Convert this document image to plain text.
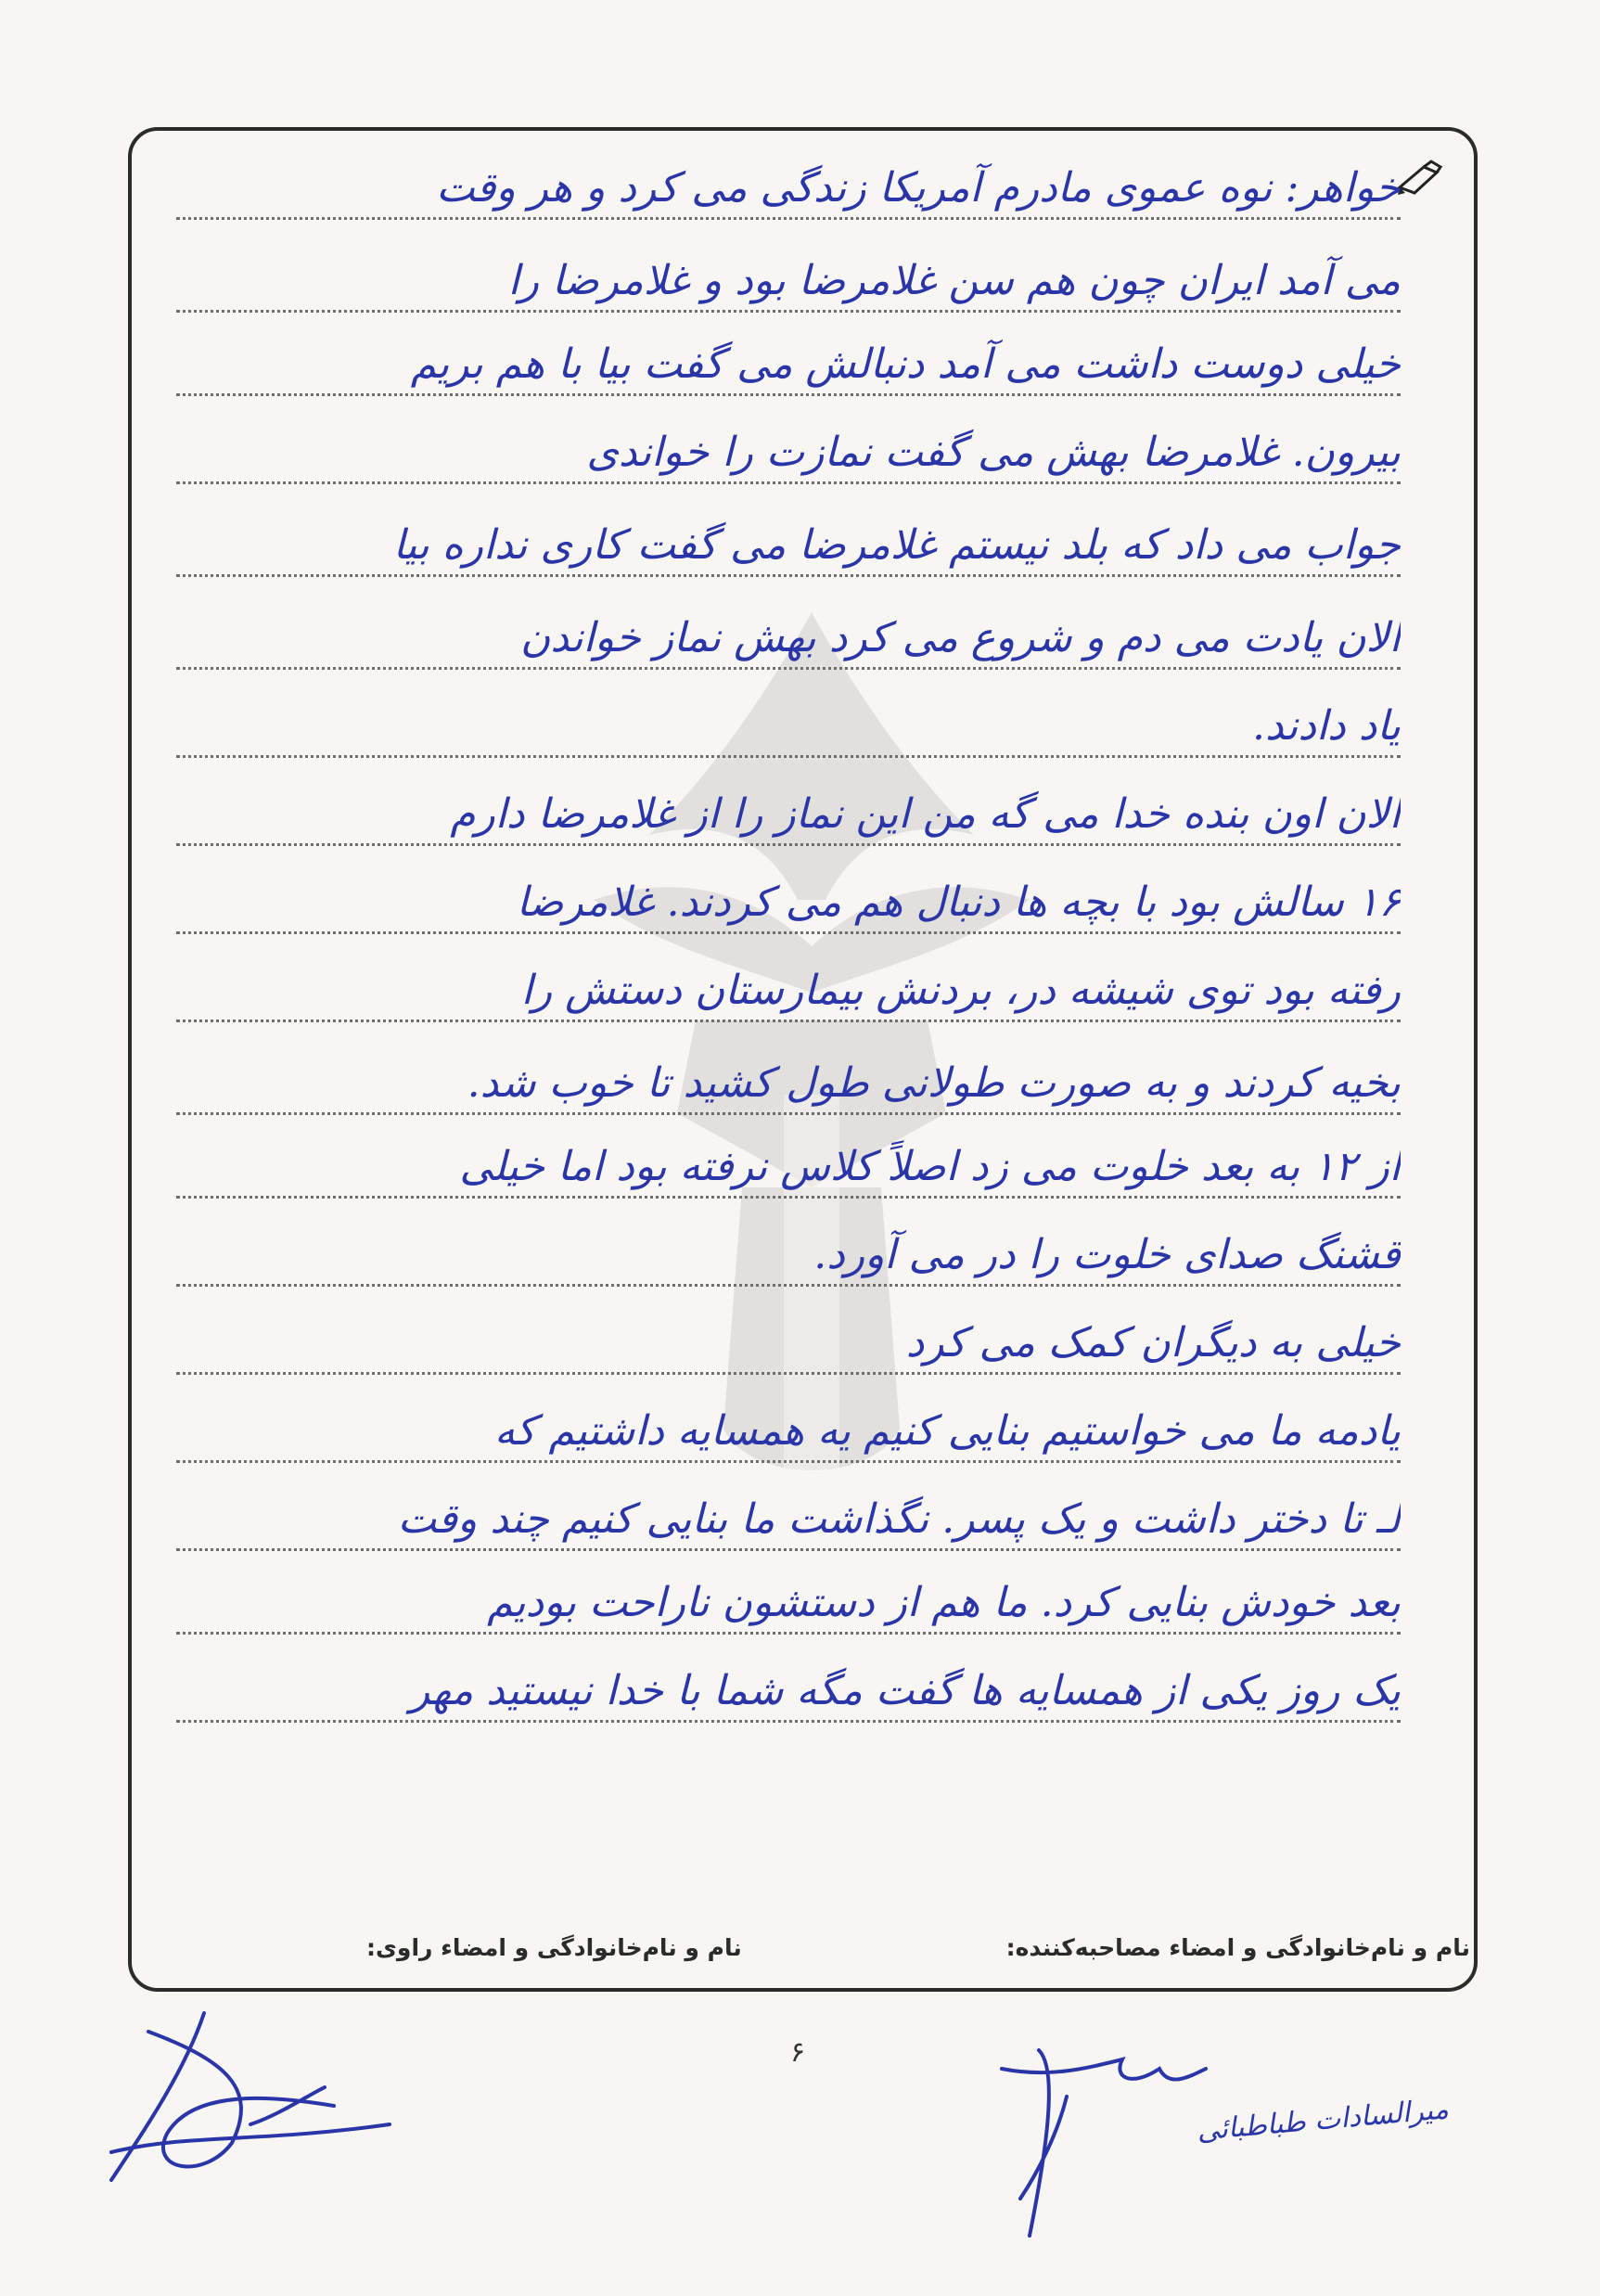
خواهر: نوه عموی مادرم آمریکا زندگی می کرد و هر وقت
می آمد ایران چون هم سن غلامرضا بود و غلامرضا را
خیلی دوست داشت می آمد دنبالش می گفت بیا با هم بریم
بیرون. غلامرضا بهش می گفت نمازت را خواندی
جواب می داد که بلد نیستم غلامرضا می گفت کاری نداره بیا
الان یادت می دم و شروع می کرد بهش نماز خواندن
یاد دادند.
الان اون بنده خدا می گه من این نماز را از غلامرضا دارم
۱۶ سالش بود با بچه ها دنبال هم می کردند. غلامرضا
رفته بود توی شیشه در، بردنش بیمارستان دستش را
بخیه کردند و به صورت طولانی طول کشید تا خوب شد.
از ۱۲ به بعد خلوت می زد اصلاً کلاس نرفته بود اما خیلی
قشنگ صدای خلوت را در می آورد.
خیلی به دیگران کمک می کرد
یادمه ما می خواستیم بنایی کنیم یه همسایه داشتیم که
لـ تا دختر داشت و یک پسر. نگذاشت ما بنایی کنیم چند وقت
بعد خودش بنایی کرد. ما هم از دستشون ناراحت بودیم
یک روز یکی از همسایه ها گفت مگه شما با خدا نیستید مهر
نام و نام‌خانوادگی و امضاء مصاحبه‌کننده:
نام و نام‌خانوادگی و امضاء راوی:
۶
میرالسادات طباطبائی
